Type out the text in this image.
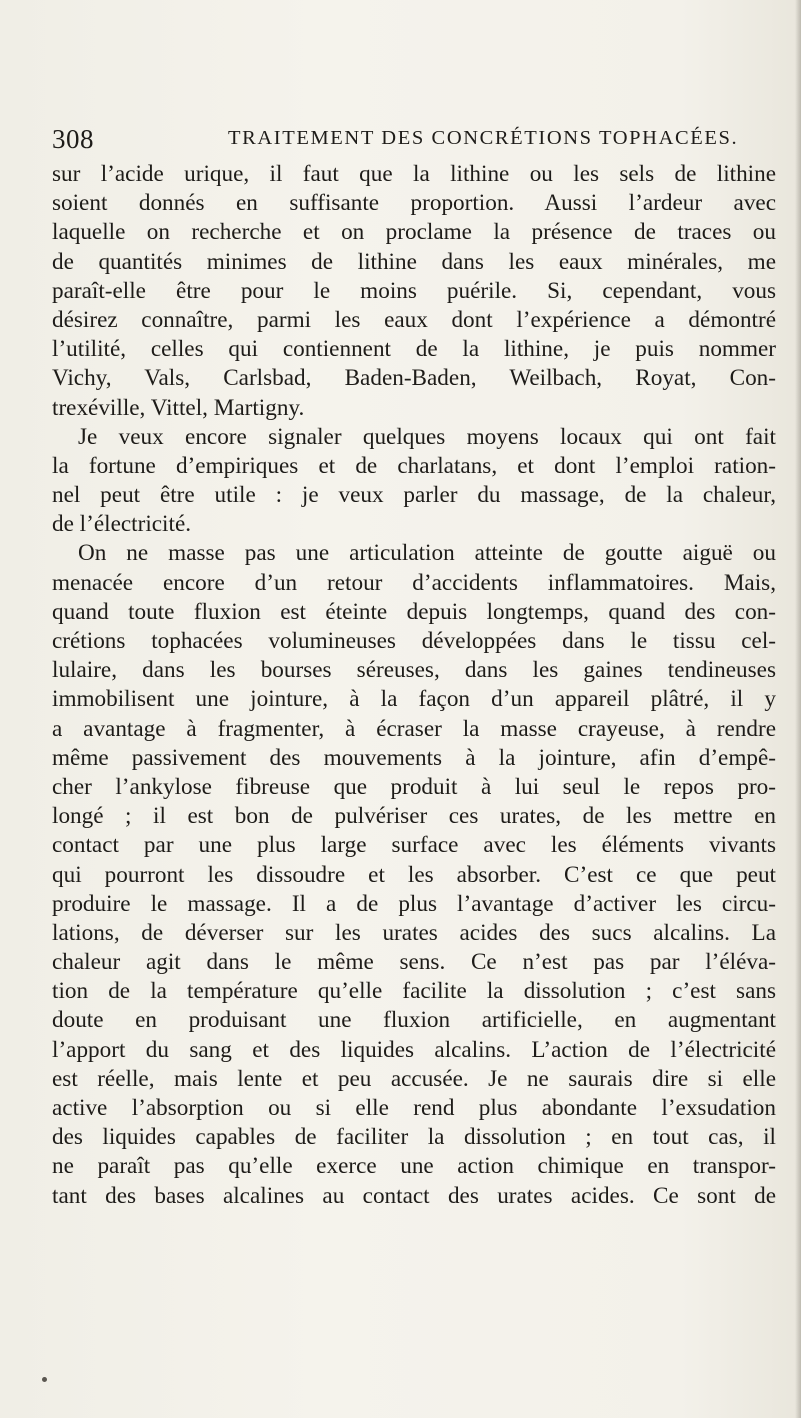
308	TRAITEMENT DES CONCRÉTIONS TOPHACÉES.
sur l’acide urique, il faut que la lithine ou les sels de lithine
soient donnés en suffisante proportion. Aussi l’ardeur avec
laquelle on recherche et on proclame la présence de traces ou
de quantités minimes de lithine dans les eaux minérales, me
paraît-elle être pour le moins puérile. Si, cependant, vous
désirez connaître, parmi les eaux dont l’expérience a démontré
l’utilité, celles qui contiennent de la lithine, je puis nommer
Vichy, Vals, Carlsbad, Baden-Baden, Weilbach, Royat, Con-
trexéville, Vittel, Martigny.
Je veux encore signaler quelques moyens locaux qui ont fait
la fortune d’empiriques et de charlatans, et dont l’emploi ration-
nel peut être utile : je veux parler du massage, de la chaleur,
de l’électricité.
On ne masse pas une articulation atteinte de goutte aiguë ou
menacée encore d’un retour d’accidents inflammatoires. Mais,
quand toute fluxion est éteinte depuis longtemps, quand des con-
crétions tophacées volumineuses développées dans le tissu cel-
lulaire, dans les bourses séreuses, dans les gaines tendineuses
immobilisent une jointure, à la façon d’un appareil plâtré, il y
a avantage à fragmenter, à écraser la masse crayeuse, à rendre
même passivement des mouvements à la jointure, afin d’empê-
cher l’ankylose fibreuse que produit à lui seul le repos pro-
longé ; il est bon de pulvériser ces urates, de les mettre en
contact par une plus large surface avec les éléments vivants
qui pourront les dissoudre et les absorber. C’est ce que peut
produire le massage. Il a de plus l’avantage d’activer les circu-
lations, de déverser sur les urates acides des sucs alcalins. La
chaleur agit dans le même sens. Ce n’est pas par l’éléva-
tion de la température qu’elle facilite la dissolution ; c’est sans
doute en produisant une fluxion artificielle, en augmentant
l’apport du sang et des liquides alcalins. L’action de l’électricité
est réelle, mais lente et peu accusée. Je ne saurais dire si elle
active l’absorption ou si elle rend plus abondante l’exsudation
des liquides capables de faciliter la dissolution ; en tout cas, il
ne paraît pas qu’elle exerce une action chimique en transpor-
tant des bases alcalines au contact des urates acides. Ce sont de
